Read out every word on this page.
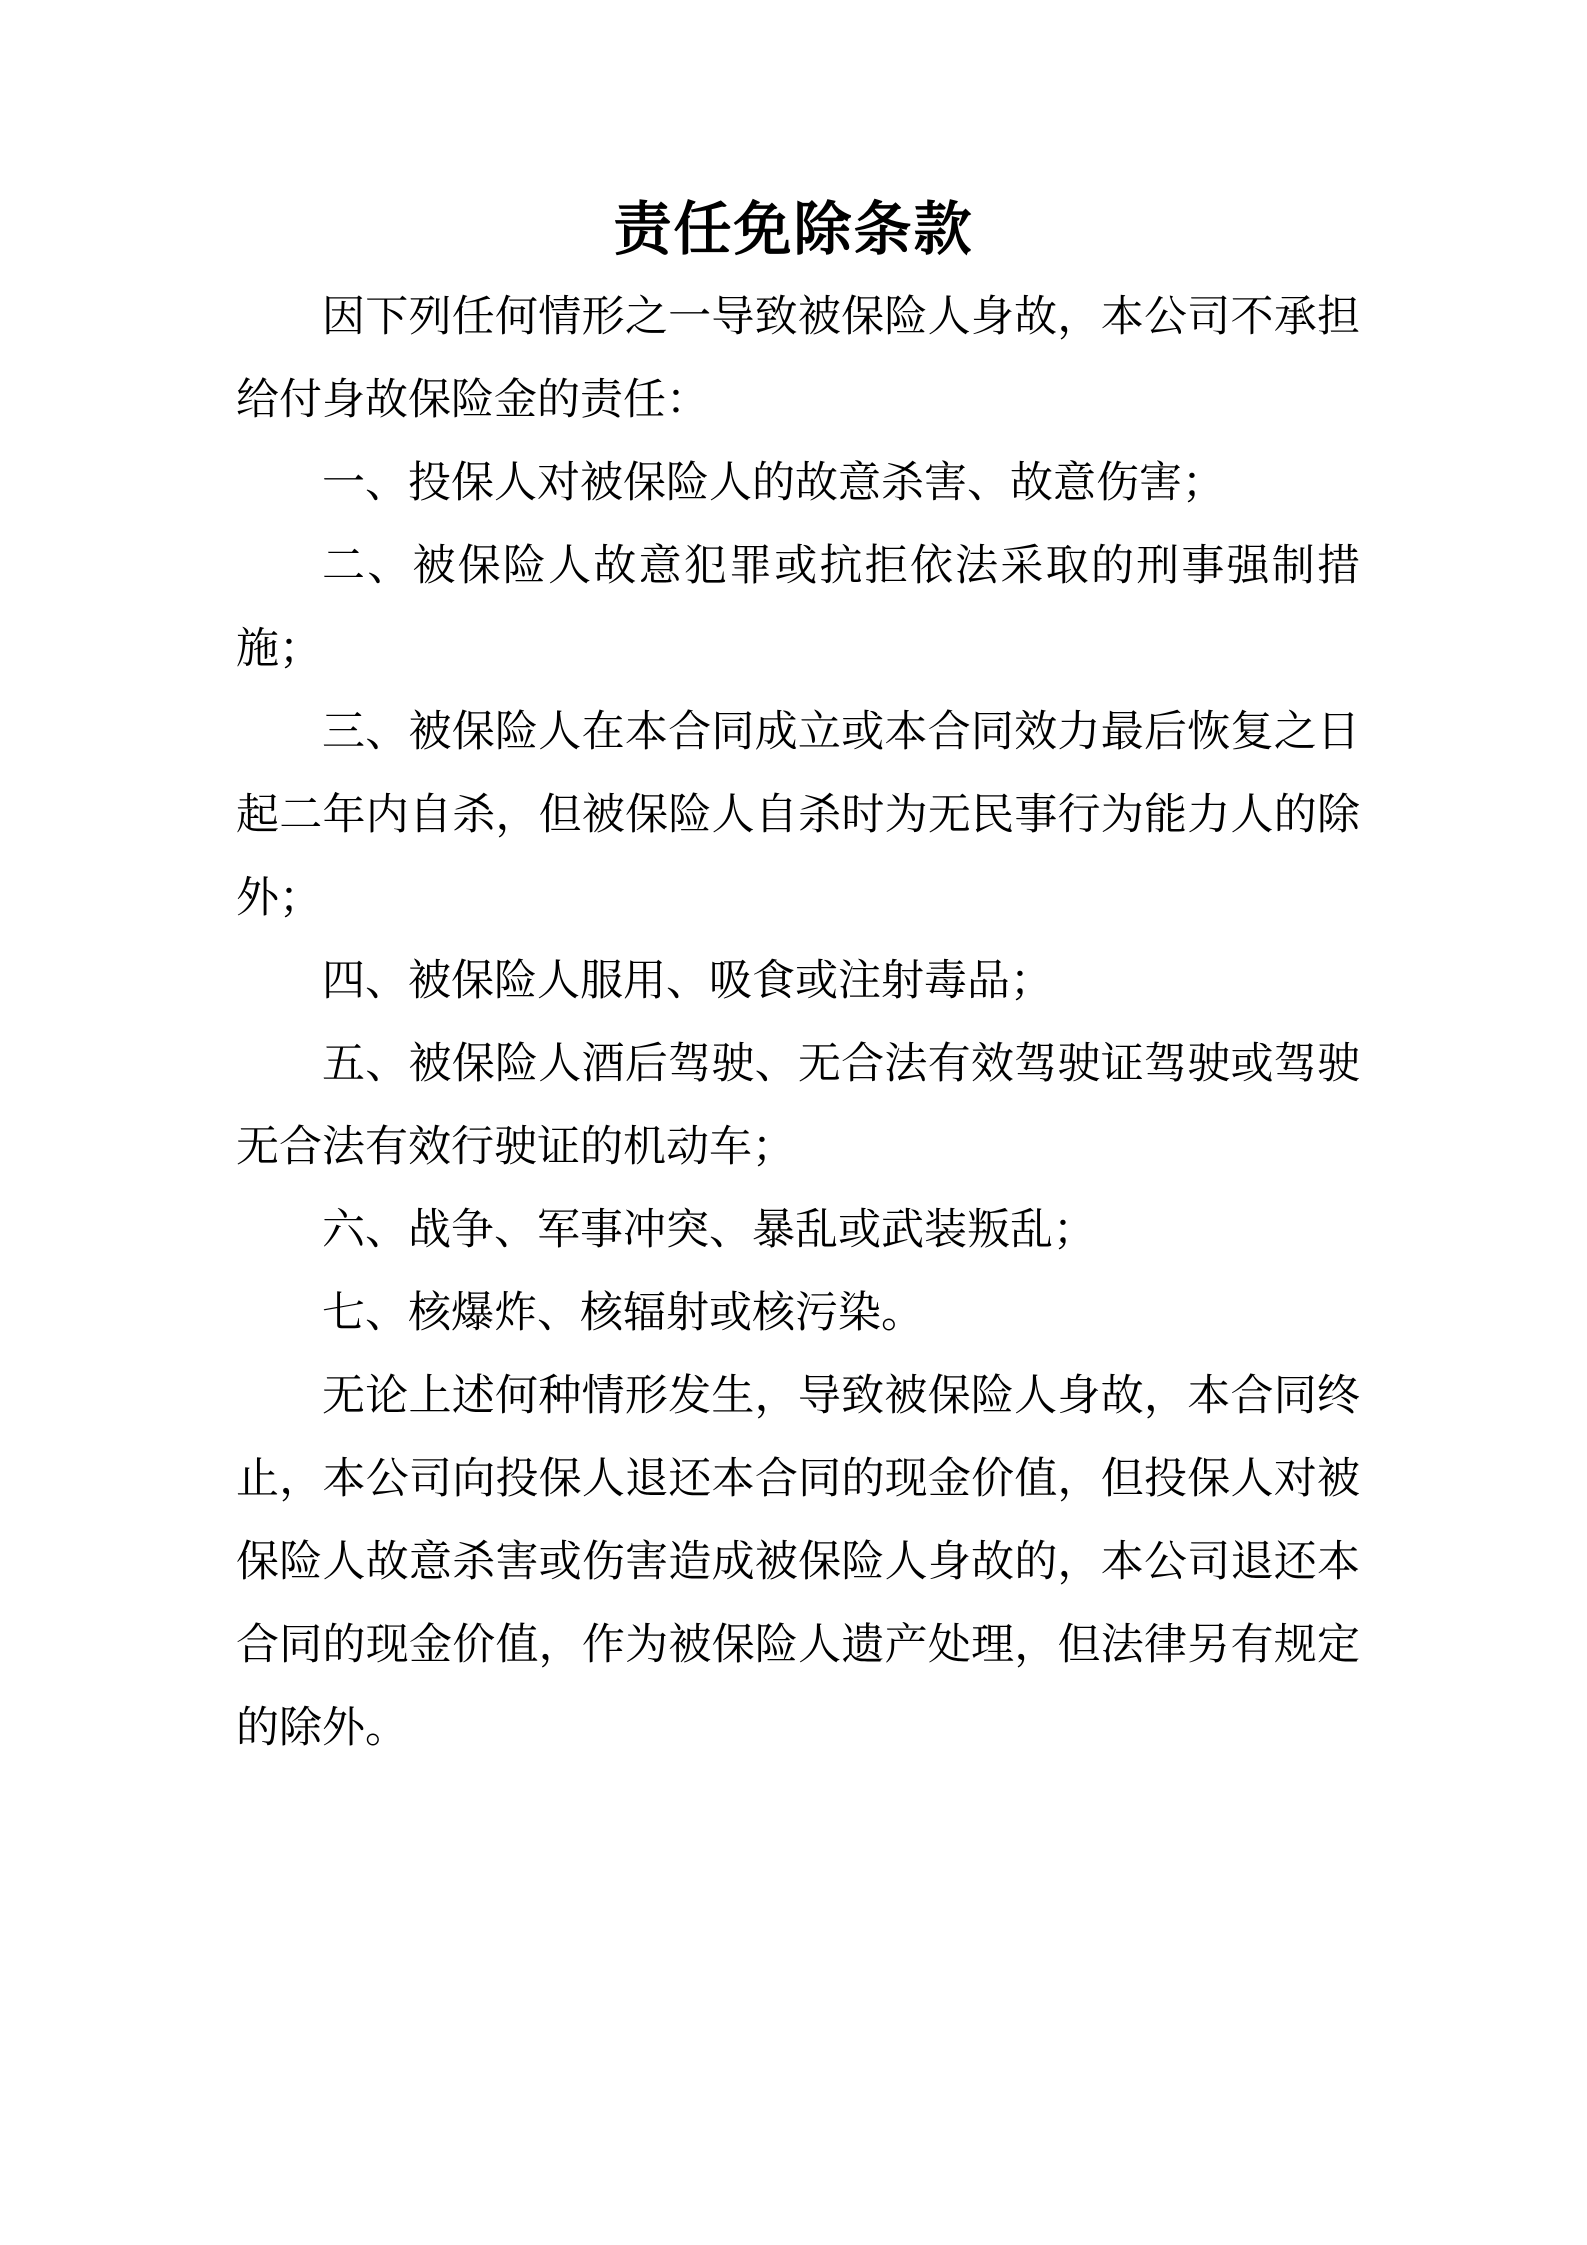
责任免除条款

因下列任何情形之一导致被保险人身故，本公司不承担给付身故保险金的责任：

一、投保人对被保险人的故意杀害、故意伤害；

二、被保险人故意犯罪或抗拒依法采取的刑事强制措施；

三、被保险人在本合同成立或本合同效力最后恢复之日起二年内自杀，但被保险人自杀时为无民事行为能力人的除外；

四、被保险人服用、吸食或注射毒品；

五、被保险人酒后驾驶、无合法有效驾驶证驾驶或驾驶无合法有效行驶证的机动车；

六、战争、军事冲突、暴乱或武装叛乱；

七、核爆炸、核辐射或核污染。

无论上述何种情形发生，导致被保险人身故，本合同终止，本公司向投保人退还本合同的现金价值，但投保人对被保险人故意杀害或伤害造成被保险人身故的，本公司退还本合同的现金价值，作为被保险人遗产处理，但法律另有规定的除外。
